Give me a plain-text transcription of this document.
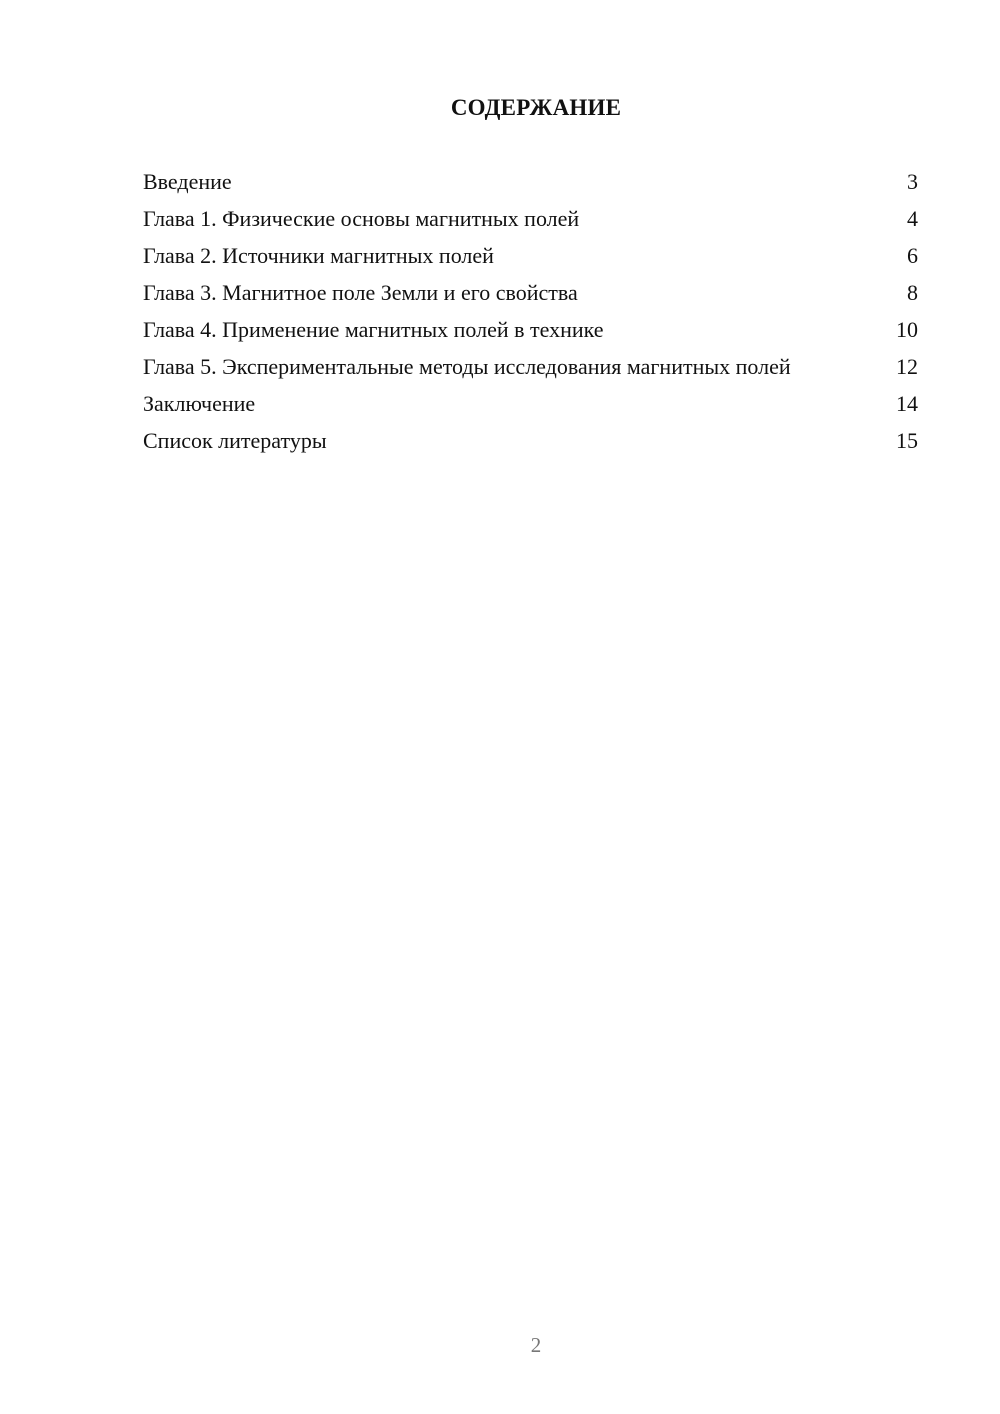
СОДЕРЖАНИЕ
Введение	3
Глава 1. Физические основы магнитных полей	4
Глава 2. Источники магнитных полей	6
Глава 3. Магнитное поле Земли и его свойства	8
Глава 4. Применение магнитных полей в технике	10
Глава 5. Экспериментальные методы исследования магнитных полей	12
Заключение	14
Список литературы	15
2
